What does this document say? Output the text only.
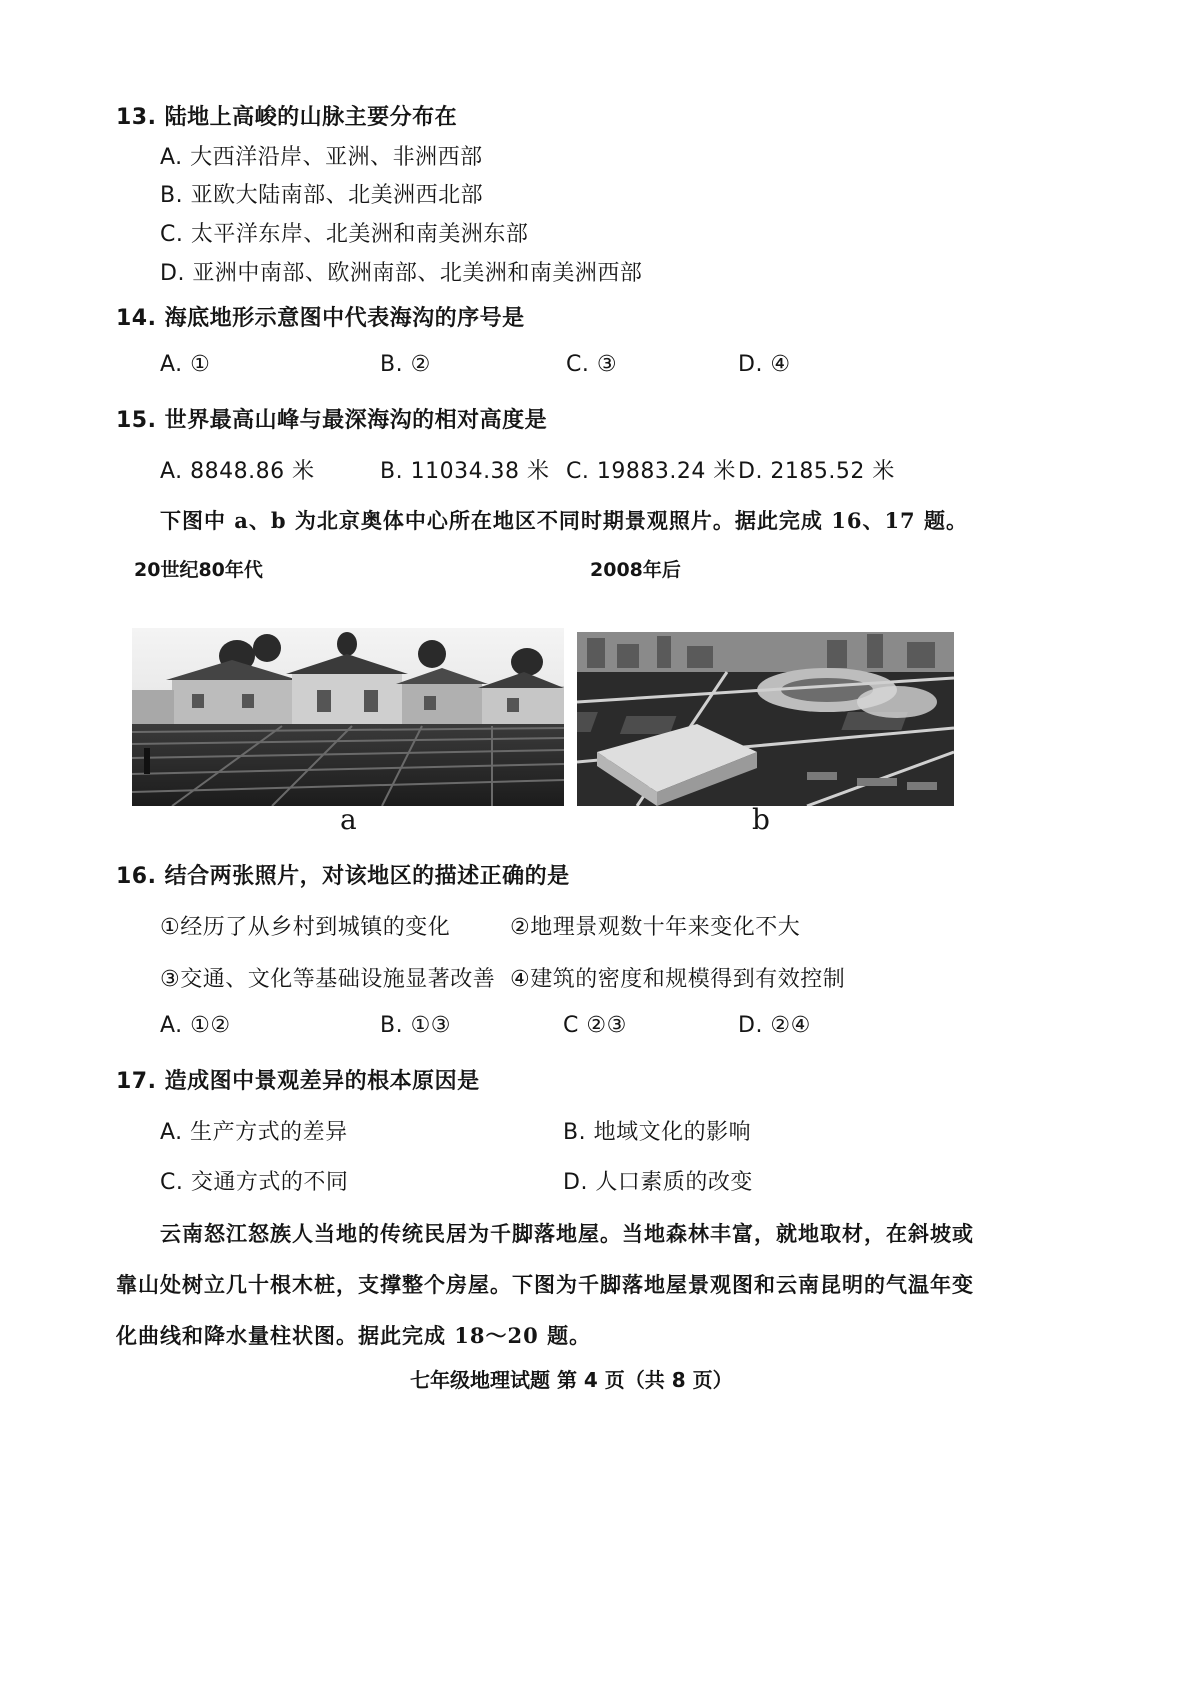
13. 陆地上高峻的山脉主要分布在
A. 大西洋沿岸、亚洲、非洲西部
B. 亚欧大陆南部、北美洲西北部
C. 太平洋东岸、北美洲和南美洲东部
D. 亚洲中南部、欧洲南部、北美洲和南美洲西部
14. 海底地形示意图中代表海沟的序号是
A. ①	B. ②	C. ③	D. ④
15. 世界最高山峰与最深海沟的相对高度是
A. 8848.86 米	B. 11034.38 米 C. 19883.24 米 D. 2185.52 米
下图中 a、b 为北京奥体中心所在地区不同时期景观照片。据此完成 16、17 题。
20世纪80年代	2008年后
a	b
16. 结合两张照片，对该地区的描述正确的是
①经历了从乡村到城镇的变化	②地理景观数十年来变化不大
③交通、文化等基础设施显著改善 ④建筑的密度和规模得到有效控制
A. ①②	B. ①③	C ②③	D. ②④
17. 造成图中景观差异的根本原因是
A. 生产方式的差异	B. 地域文化的影响
C. 交通方式的不同	D. 人口素质的改变
云南怒江怒族人当地的传统民居为千脚落地屋。当地森林丰富，就地取材，在斜坡或
靠山处树立几十根木桩，支撑整个房屋。下图为千脚落地屋景观图和云南昆明的气温年变
化曲线和降水量柱状图。据此完成 18～20 题。
七年级地理试题 第 4 页（共 8 页）
